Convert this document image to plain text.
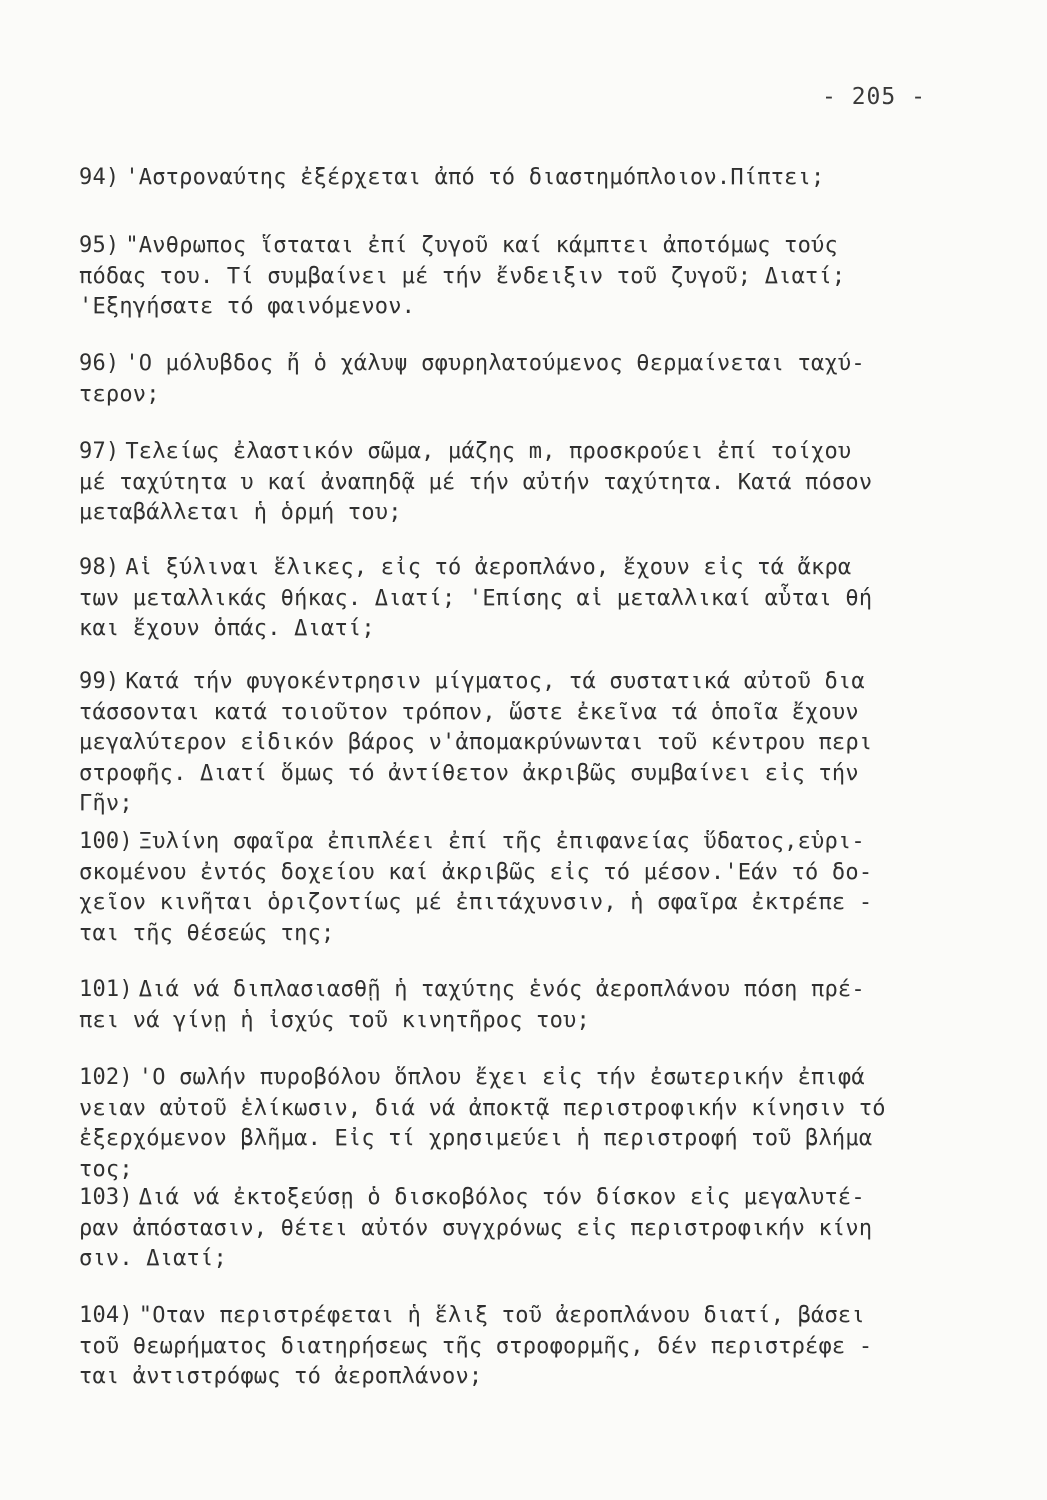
- 205 -
94) 'Αστροναύτης ἐξέρχεται ἀπό τό διαστημόπλοιον.Πίπτει;
95) "Ανθρωπος ἵσταται ἐπί ζυγοῦ καί κάμπτει ἀποτόμως τούς
πόδας του. Τί συμβαίνει μέ τήν ἔνδειξιν τοῦ ζυγοῦ; Διατί;
'Εξηγήσατε τό φαινόμενον.
96) 'Ο μόλυβδος ἤ ὁ χάλυψ σφυρηλατούμενος θερμαίνεται ταχύ-
τερον;
97) Τελείως ἐλαστικόν σῶμα, μάζης m, προσκρούει ἐπί τοίχου
μέ ταχύτητα υ καί ἀναπηδᾷ μέ τήν αὐτήν ταχύτητα. Κατά πόσον
μεταβάλλεται ἡ ὁρμή του;
98) Αἱ ξύλιναι ἕλικες, εἰς τό ἀεροπλάνο, ἔχουν εἰς τά ἄκρα
των μεταλλικάς θήκας. Διατί; 'Επίσης αἱ μεταλλικαί αὗται θή
και ἔχουν ὀπάς. Διατί;
99) Κατά τήν φυγοκέντρησιν μίγματος, τά συστατικά αὐτοῦ δια
τάσσονται κατά τοιοῦτον τρόπον, ὥστε ἐκεῖνα τά ὁποῖα ἔχουν
μεγαλύτερον εἰδικόν βάρος ν'ἀπομακρύνωνται τοῦ κέντρου περι
στροφῆς. Διατί ὅμως τό ἀντίθετον ἀκριβῶς συμβαίνει εἰς τήν
Γῆν;
100) Ξυλίνη σφαῖρα ἐπιπλέει ἐπί τῆς ἐπιφανείας ὕδατος,εὑρι-
σκομένου ἐντός δοχείου καί ἀκριβῶς εἰς τό μέσον.'Εάν τό δο-
χεῖον κινῆται ὁριζοντίως μέ ἐπιτάχυνσιν, ἡ σφαῖρα ἐκτρέπε -
ται τῆς θέσεώς της;
101) Διά νά διπλασιασθῇ ἡ ταχύτης ἑνός ἀεροπλάνου πόση πρέ-
πει νά γίνῃ ἡ ἰσχύς τοῦ κινητῆρος του;
102) 'Ο σωλήν πυροβόλου ὅπλου ἔχει εἰς τήν ἐσωτερικήν ἐπιφά
νειαν αὐτοῦ ἑλίκωσιν, διά νά ἀποκτᾷ περιστροφικήν κίνησιν τό
ἐξερχόμενον βλῆμα. Εἰς τί χρησιμεύει ἡ περιστροφή τοῦ βλήμα
τος;
103) Διά νά ἐκτοξεύσῃ ὁ δισκοβόλος τόν δίσκον εἰς μεγαλυτέ-
ραν ἀπόστασιν, θέτει αὐτόν συγχρόνως εἰς περιστροφικήν κίνη
σιν. Διατί;
104) "Οταν περιστρέφεται ἡ ἕλιξ τοῦ ἀεροπλάνου διατί, βάσει
τοῦ θεωρήματος διατηρήσεως τῆς στροφορμῆς, δέν περιστρέφε -
ται ἀντιστρόφως τό ἀεροπλάνον;
